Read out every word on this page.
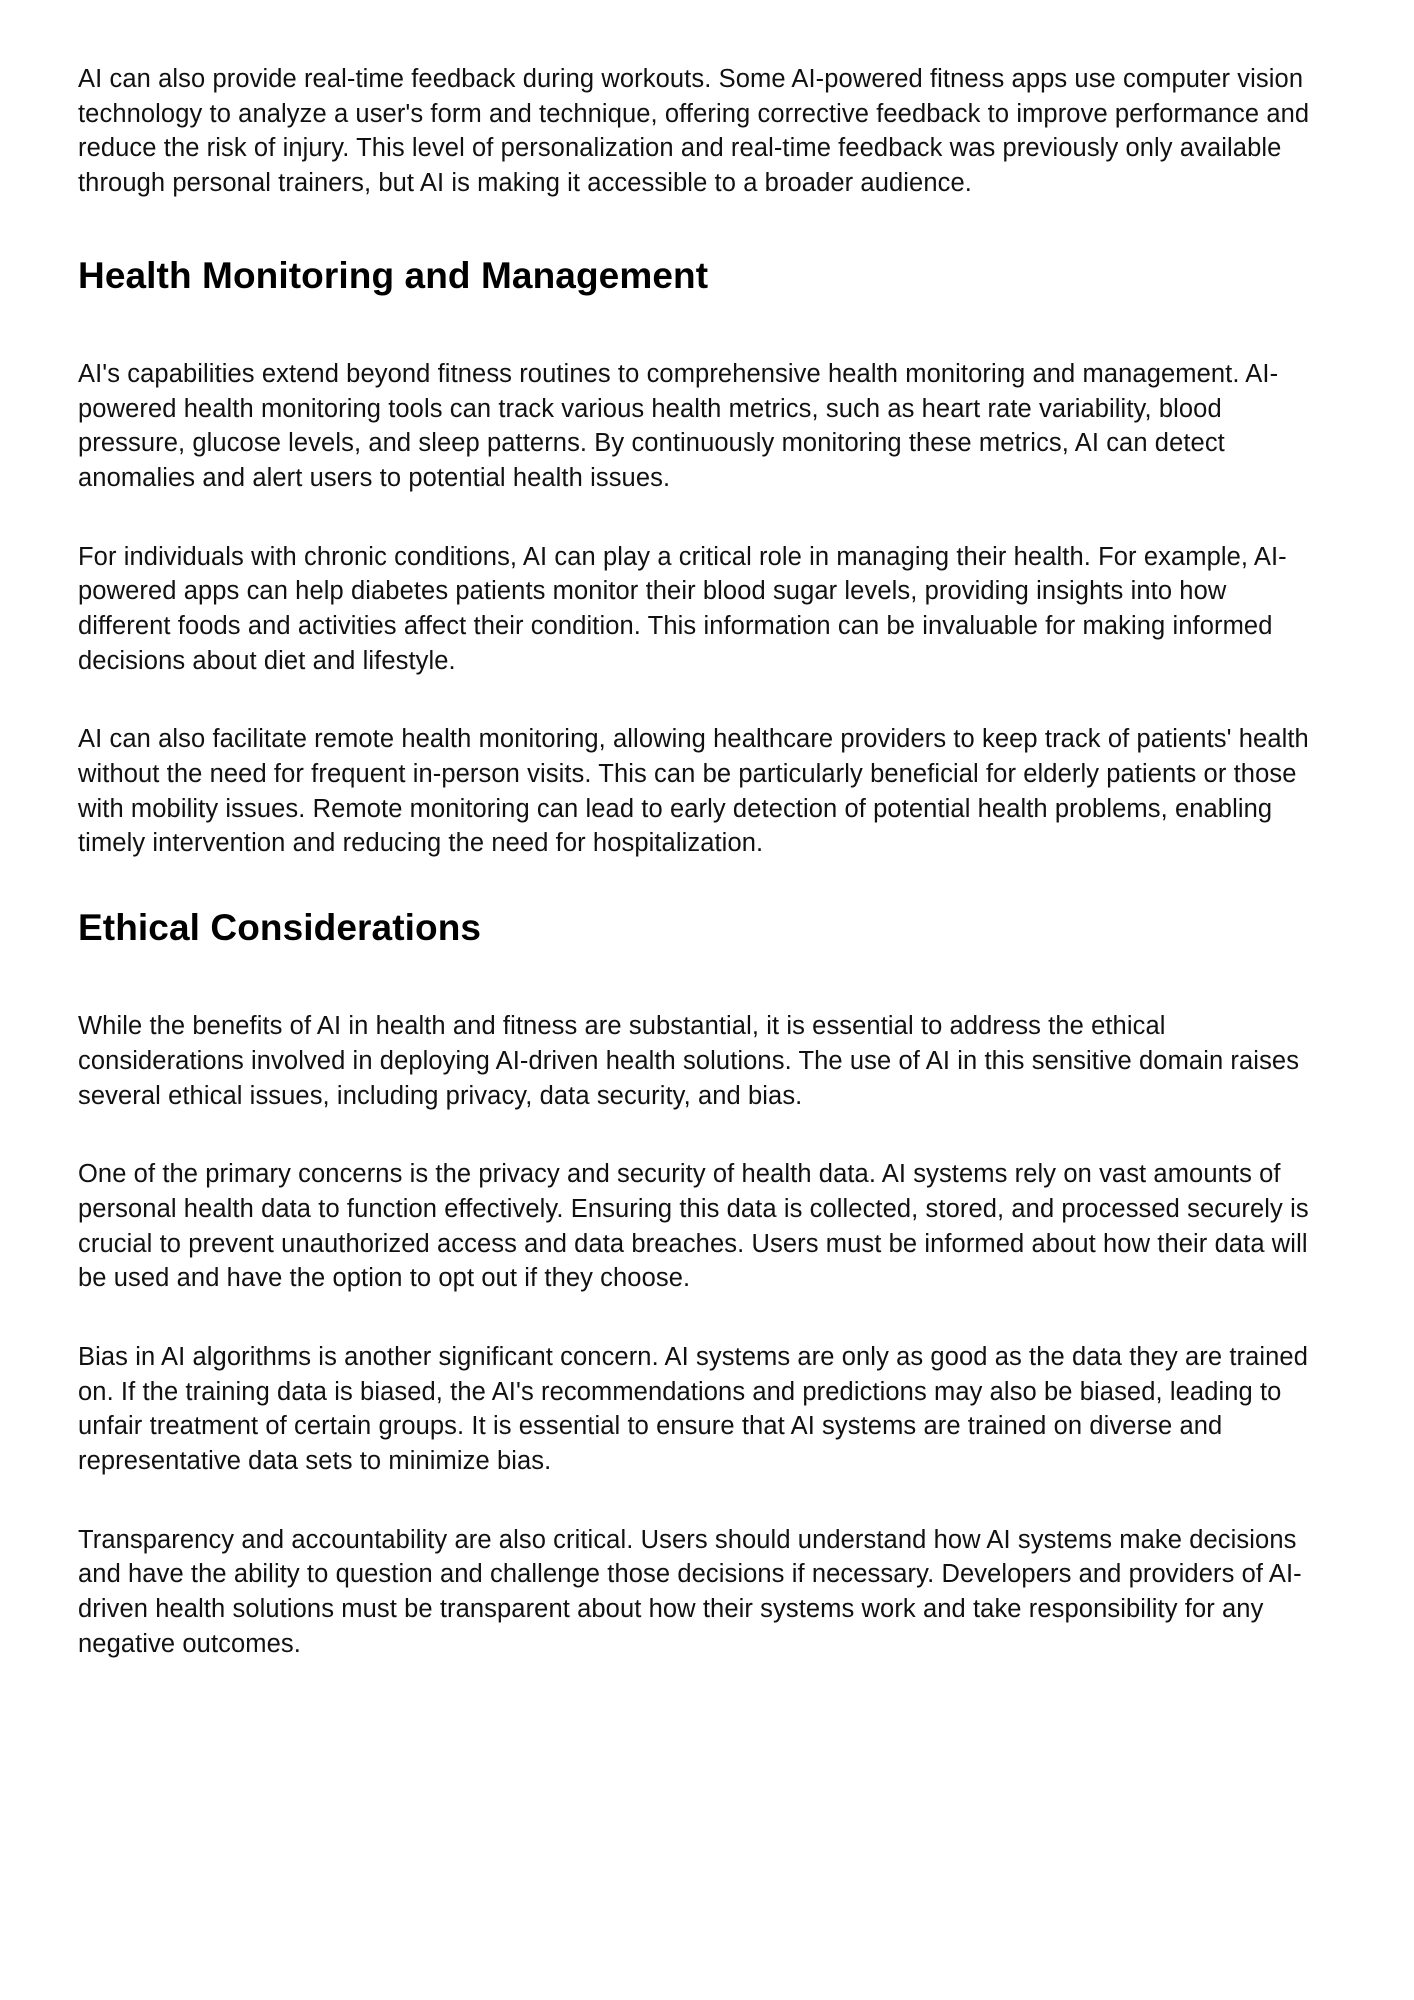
AI can also provide real-time feedback during workouts. Some AI-powered fitness apps use computer vision technology to analyze a user's form and technique, offering corrective feedback to improve performance and reduce the risk of injury. This level of personalization and real-time feedback was previously only available through personal trainers, but AI is making it accessible to a broader audience.

Health Monitoring and Management

AI's capabilities extend beyond fitness routines to comprehensive health monitoring and management. AI-powered health monitoring tools can track various health metrics, such as heart rate variability, blood pressure, glucose levels, and sleep patterns. By continuously monitoring these metrics, AI can detect anomalies and alert users to potential health issues.

For individuals with chronic conditions, AI can play a critical role in managing their health. For example, AI-powered apps can help diabetes patients monitor their blood sugar levels, providing insights into how different foods and activities affect their condition. This information can be invaluable for making informed decisions about diet and lifestyle.

AI can also facilitate remote health monitoring, allowing healthcare providers to keep track of patients' health without the need for frequent in-person visits. This can be particularly beneficial for elderly patients or those with mobility issues. Remote monitoring can lead to early detection of potential health problems, enabling timely intervention and reducing the need for hospitalization.

Ethical Considerations

While the benefits of AI in health and fitness are substantial, it is essential to address the ethical considerations involved in deploying AI-driven health solutions. The use of AI in this sensitive domain raises several ethical issues, including privacy, data security, and bias.

One of the primary concerns is the privacy and security of health data. AI systems rely on vast amounts of personal health data to function effectively. Ensuring this data is collected, stored, and processed securely is crucial to prevent unauthorized access and data breaches. Users must be informed about how their data will be used and have the option to opt out if they choose.

Bias in AI algorithms is another significant concern. AI systems are only as good as the data they are trained on. If the training data is biased, the AI's recommendations and predictions may also be biased, leading to unfair treatment of certain groups. It is essential to ensure that AI systems are trained on diverse and representative data sets to minimize bias.

Transparency and accountability are also critical. Users should understand how AI systems make decisions and have the ability to question and challenge those decisions if necessary. Developers and providers of AI-driven health solutions must be transparent about how their systems work and take responsibility for any negative outcomes.
